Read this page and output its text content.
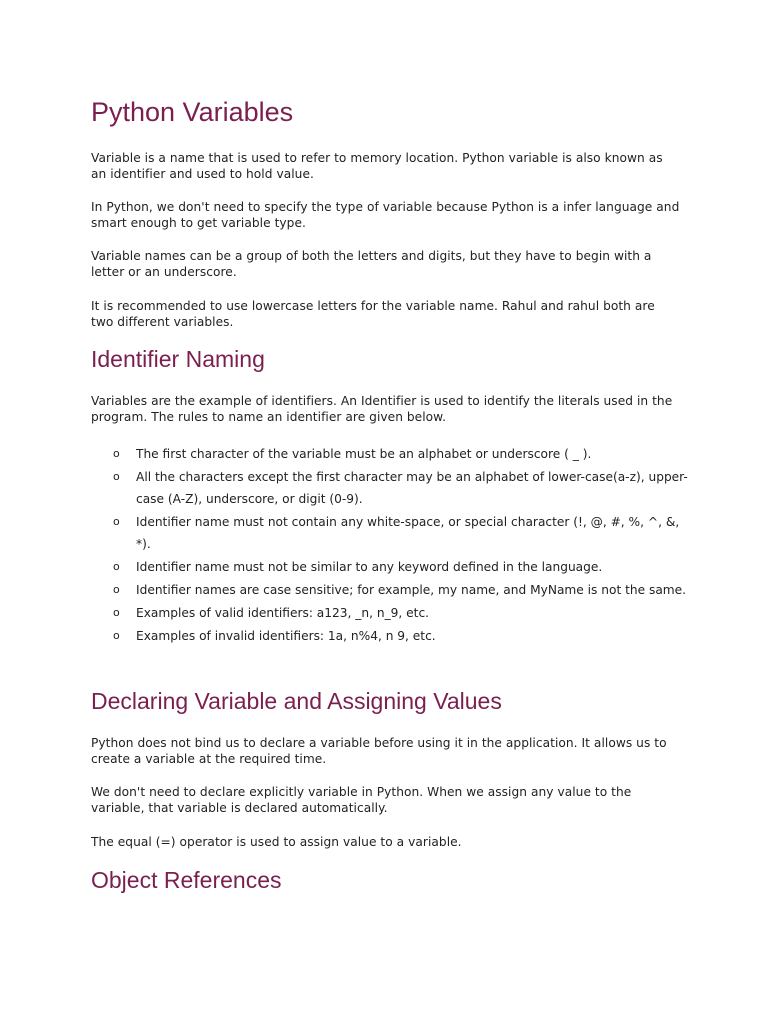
Python Variables

Variable is a name that is used to refer to memory location. Python variable is also known as an identifier and used to hold value.

In Python, we don't need to specify the type of variable because Python is a infer language and smart enough to get variable type.

Variable names can be a group of both the letters and digits, but they have to begin with a letter or an underscore.

It is recommended to use lowercase letters for the variable name. Rahul and rahul both are two different variables.

Identifier Naming

Variables are the example of identifiers. An Identifier is used to identify the literals used in the program. The rules to name an identifier are given below.

o The first character of the variable must be an alphabet or underscore ( _ ).
o All the characters except the first character may be an alphabet of lower-case(a-z), upper-case (A-Z), underscore, or digit (0-9).
o Identifier name must not contain any white-space, or special character (!, @, #, %, ^, &, *).
o Identifier name must not be similar to any keyword defined in the language.
o Identifier names are case sensitive; for example, my name, and MyName is not the same.
o Examples of valid identifiers: a123, _n, n_9, etc.
o Examples of invalid identifiers: 1a, n%4, n 9, etc.
Declaring Variable and Assigning Values

Python does not bind us to declare a variable before using it in the application. It allows us to create a variable at the required time.

We don't need to declare explicitly variable in Python. When we assign any value to the variable, that variable is declared automatically.

The equal (=) operator is used to assign value to a variable.

Object References
